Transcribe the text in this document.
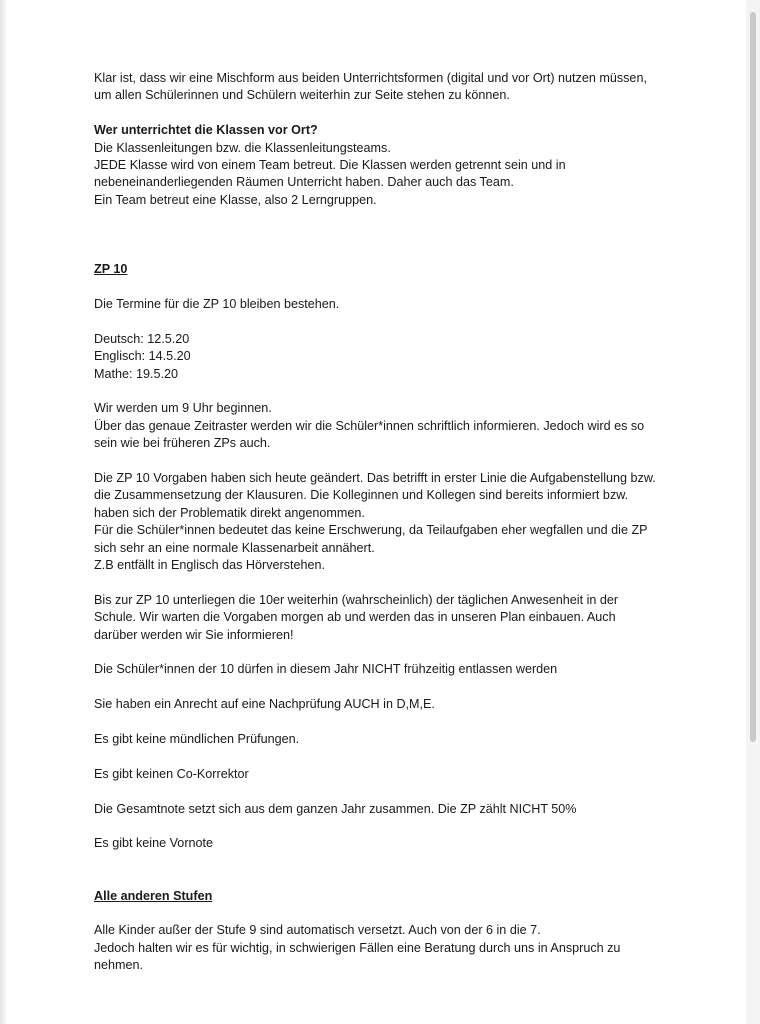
Klar ist, dass wir eine Mischform aus beiden Unterrichtsformen (digital und vor Ort) nutzen müssen,
um allen Schülerinnen und Schülern weiterhin zur Seite stehen zu können.
Wer unterrichtet die Klassen vor Ort?
Die Klassenleitungen bzw. die Klassenleitungsteams.
JEDE Klasse wird von einem Team betreut. Die Klassen werden getrennt sein und in
nebeneinanderliegenden Räumen Unterricht haben. Daher auch das Team.
Ein Team betreut eine Klasse, also 2 Lerngruppen.
ZP 10
Die Termine für die ZP 10 bleiben bestehen.
Deutsch: 12.5.20
Englisch: 14.5.20
Mathe: 19.5.20
Wir werden um 9 Uhr beginnen.
Über das genaue Zeitraster werden wir die Schüler*innen schriftlich informieren. Jedoch wird es so
sein wie bei früheren ZPs auch.
Die ZP 10 Vorgaben haben sich heute geändert. Das betrifft in erster Linie die Aufgabenstellung bzw.
die Zusammensetzung der Klausuren. Die Kolleginnen und Kollegen sind bereits informiert bzw.
haben sich der Problematik direkt angenommen.
Für die Schüler*innen bedeutet das keine Erschwerung, da Teilaufgaben eher wegfallen und die ZP
sich sehr an eine normale Klassenarbeit annähert.
Z.B entfällt in Englisch das Hörverstehen.
Bis zur ZP 10 unterliegen die 10er weiterhin (wahrscheinlich) der täglichen Anwesenheit in der
Schule. Wir warten die Vorgaben morgen ab und werden das in unseren Plan einbauen. Auch
darüber werden wir Sie informieren!
Die Schüler*innen der 10 dürfen in diesem Jahr NICHT frühzeitig entlassen werden
Sie haben ein Anrecht auf eine Nachprüfung AUCH in D,M,E.
Es gibt keine mündlichen Prüfungen.
Es gibt keinen Co-Korrektor
Die Gesamtnote setzt sich aus dem ganzen Jahr zusammen. Die ZP zählt NICHT 50%
Es gibt keine Vornote
Alle anderen Stufen
Alle Kinder außer der Stufe 9 sind automatisch versetzt. Auch von der 6 in die 7.
Jedoch halten wir es für wichtig, in schwierigen Fällen eine Beratung durch uns in Anspruch zu
nehmen.
